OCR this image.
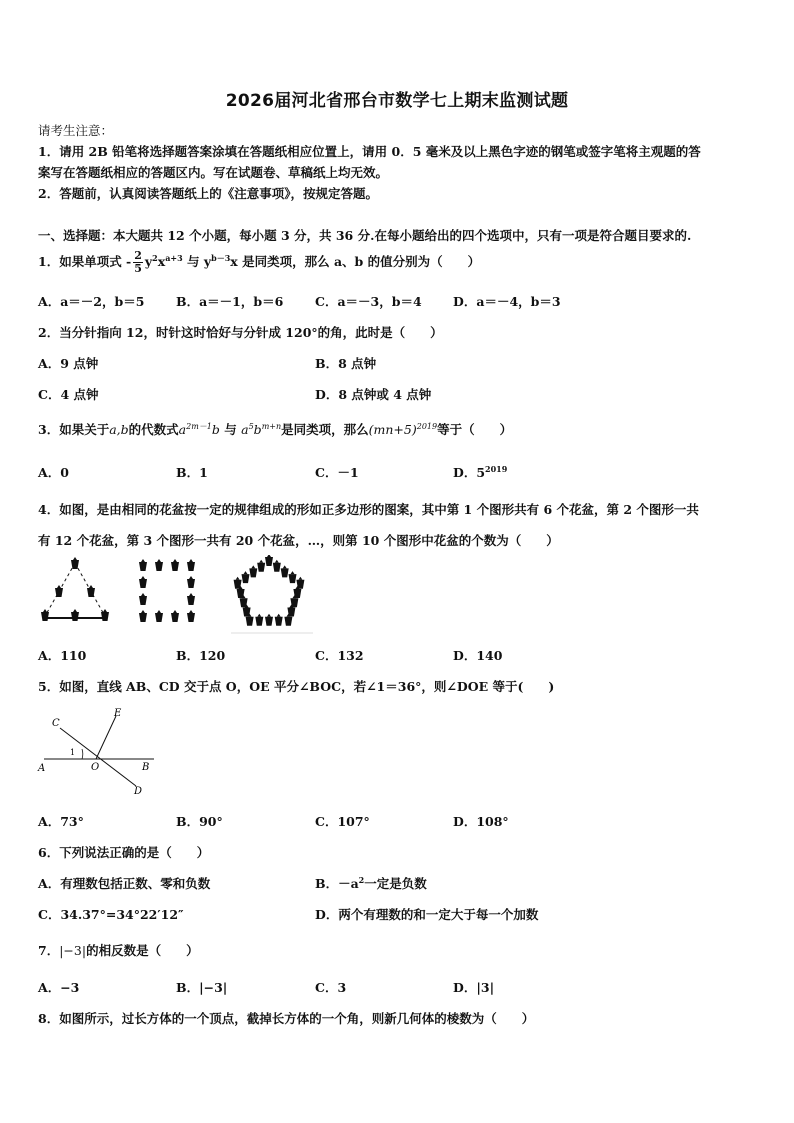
2026届河北省邢台市数学七上期末监测试题
请考生注意：
1．请用 2B 铅笔将选择题答案涂填在答题纸相应位置上，请用 0．5 毫米及以上黑色字迹的钢笔或签字笔将主观题的答
案写在答题纸相应的答题区内。写在试题卷、草稿纸上均无效。
2．答题前，认真阅读答题纸上的《注意事项》，按规定答题。
一、选择题：本大题共 12 个小题，每小题 3 分，共 36 分.在每小题给出的四个选项中，只有一项是符合题目要求的.
1．如果单项式 - $\frac{2}{5} y^2x^{a+3}$ 与 $y^{b-3}x$ 是同类项，那么 a、b 的值分别为（　　）
A．a＝－2，b＝5	B．a＝－1，b＝6	C．a＝－3，b＝4	D．a＝－4，b＝3
2．当分针指向 12，时针这时恰好与分针成 120°的角，此时是（　　）
A．9 点钟	B．8 点钟
C．4 点钟	D．8 点钟或 4 点钟
3．如果关于a,b的代数式$a^{2m-1}b$ 与 $a^5b^{m+n}$是同类项，那么$(mn+5)^{2019}$等于（　　）
A．0	B．1	C．－1	D．$5^{2019}$
4．如图，是由相同的花盆按一定的规律组成的形如正多边形的图案，其中第 1 个图形共有 6 个花盆，第 2 个图形一共
有 12 个花盆，第 3 个图形一共有 20 个花盆，…，则第 10 个图形中花盆的个数为（　　）
A．110	B．120	C．132	D．140
5．如图，直线 AB、CD 交于点 O，OE 平分∠BOC，若∠1＝36°，则∠DOE 等于(　　)
C
E
A	O	B
D
1
A．73°	B．90°	C．107°	D．108°
6．下列说法正确的是（　　）
A．有理数包括正数、零和负数	B．$-a^2$一定是负数
C．34.37°=34°22′12″	D．两个有理数的和一定大于每一个加数
7．|−3|的相反数是（　　）
A．−3	B．|−3|	C．3	D．|3|
8．如图所示，过长方体的一个顶点，截掉长方体的一个角，则新几何体的棱数为（　　）
